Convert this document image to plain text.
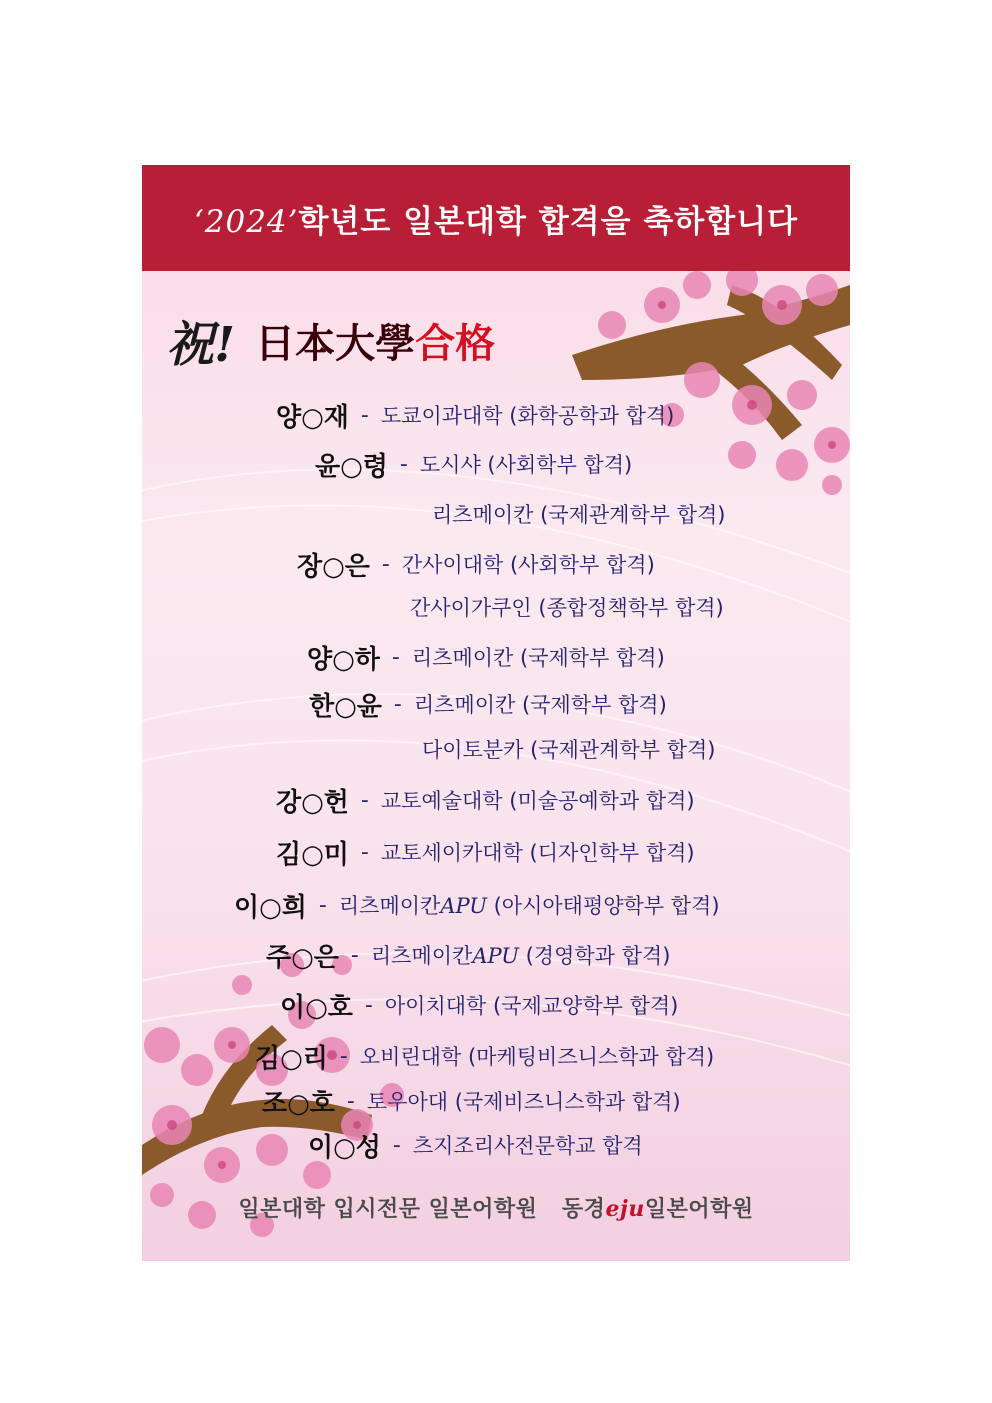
‘2024’학년도 일본대학 합격을 축하합니다
祝! 日本大學 合格
양○재 - 도쿄이과대학 (화학공학과 합격)
윤○령 - 도시샤 (사회학부 합격)
리츠메이칸 (국제관계학부 합격)
장○은 - 간사이대학 (사회학부 합격)
간사이가쿠인 (종합정책학부 합격)
양○하 - 리츠메이칸 (국제학부 합격)
한○윤 - 리츠메이칸 (국제학부 합격)
다이토분카 (국제관계학부 합격)
강○헌 - 교토예술대학 (미술공예학과 합격)
김○미 - 교토세이카대학 (디자인학부 합격)
이○희 - 리츠메이칸APU (아시아태평양학부 합격)
주○은 - 리츠메이칸APU (경영학과 합격)
이○호 - 아이치대학 (국제교양학부 합격)
김○리 - 오비린대학 (마케팅비즈니스학과 합격)
조○호 - 토우아대 (국제비즈니스학과 합격)
이○성 - 츠지조리사전문학교 합격
일본대학 입시전문 일본어학원 동경eju일본어학원
